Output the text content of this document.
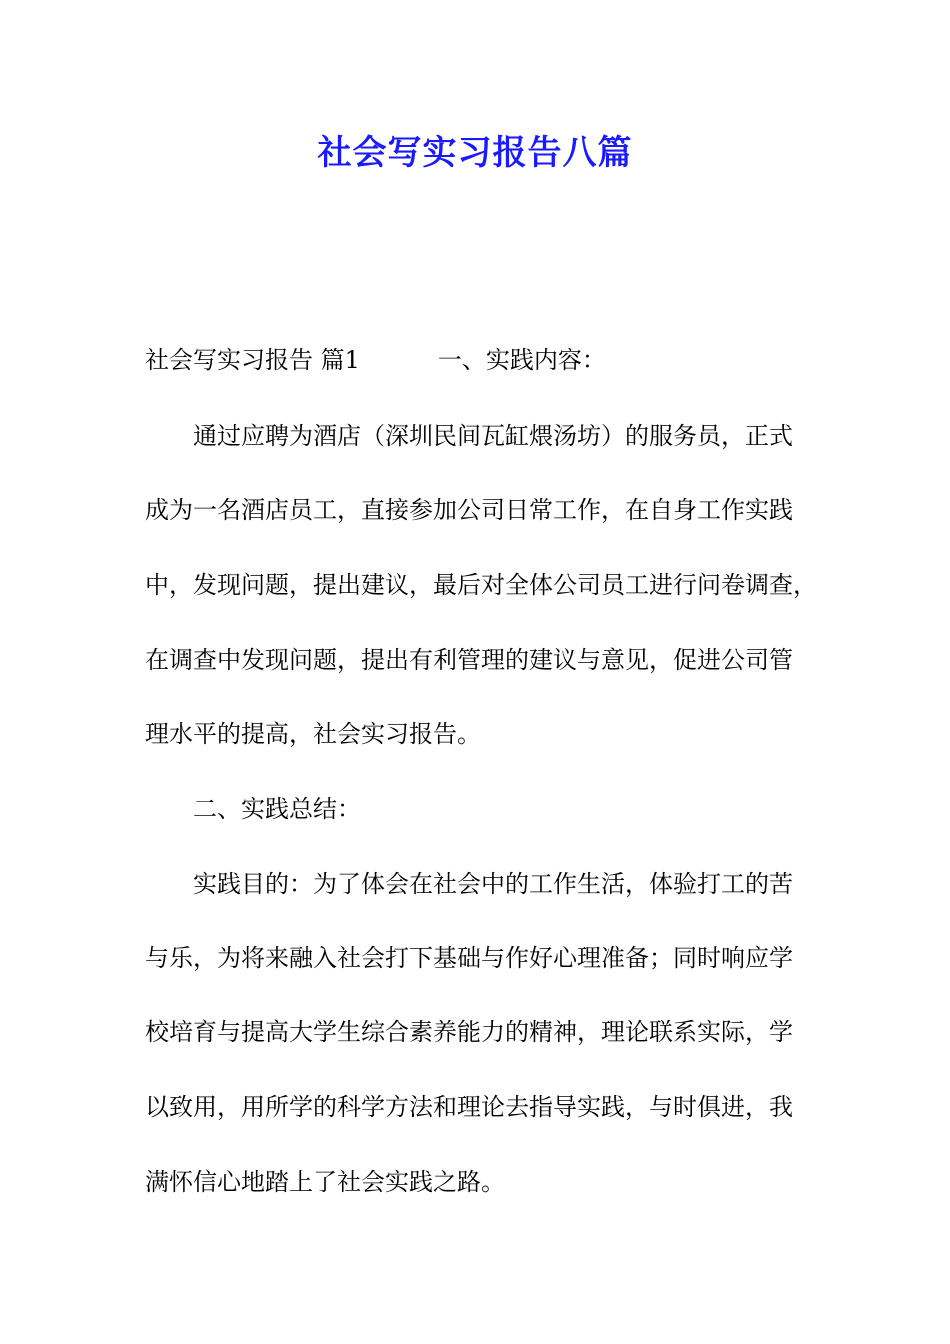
社会写实习报告八篇
社会写实习报告 篇1	一、实践内容：
通过应聘为酒店（深圳民间瓦缸煨汤坊）的服务员，正式
成为一名酒店员工，直接参加公司日常工作，在自身工作实践
中，发现问题，提出建议，最后对全体公司员工进行问卷调查，
在调查中发现问题，提出有利管理的建议与意见，促进公司管
理水平的提高，社会实习报告。
二、实践总结：
实践目的：为了体会在社会中的工作生活，体验打工的苦
与乐，为将来融入社会打下基础与作好心理准备；同时响应学
校培育与提高大学生综合素养能力的精神，理论联系实际，学
以致用，用所学的科学方法和理论去指导实践，与时俱进，我
满怀信心地踏上了社会实践之路。
